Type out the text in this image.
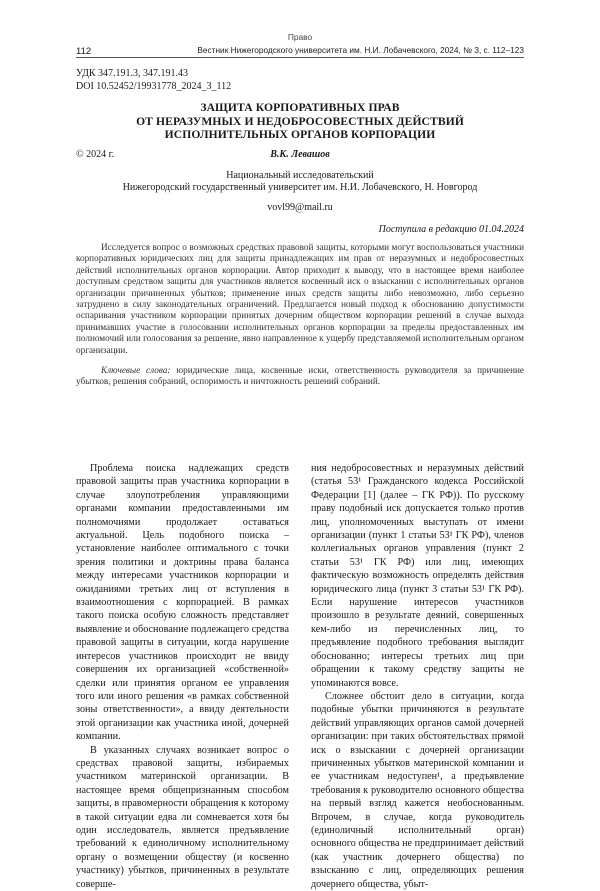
Право
112	Вестник Нижегородского университета им. Н.И. Лобачевского, 2024, № 3, с. 112–123
УДК 347.191.3, 347.191.43
DOI 10.52452/19931778_2024_3_112
ЗАЩИТА КОРПОРАТИВНЫХ ПРАВ
ОТ НЕРАЗУМНЫХ И НЕДОБРОСОВЕСТНЫХ ДЕЙСТВИЙ
ИСПОЛНИТЕЛЬНЫХ ОРГАНОВ КОРПОРАЦИИ
© 2024 г.	В.К. Левашов
Национальный исследовательский
Нижегородский государственный университет им. Н.И. Лобачевского, Н. Новгород
vovl99@mail.ru
Поступила в редакцию 01.04.2024

Исследуется вопрос о возможных средствах правовой защиты, которыми могут воспользоваться участники корпоративных юридических лиц для защиты принадлежащих им прав от неразумных и недобросовестных действий исполнительных органов корпорации. Автор приходит к выводу, что в настоящее время наиболее доступным средством защиты для участников является косвенный иск о взыскании с исполнительных органов организации причиненных убытков; применение иных средств защиты либо невозможно, либо серьезно затруднено в силу законодательных ограничений. Предлагается новый подход к обоснованию допустимости оспаривания участником корпорации принятых дочерним обществом корпорации решений в случае выхода принимавших участие в голосовании исполнительных органов корпорации за пределы предоставленных им полномочий или голосования за решение, явно направленное к ущербу представляемой исполнительным органом организации.

Ключевые слова: юридические лица, косвенные иски, ответственность руководителя за причинение убытков, решения собраний, оспоримость и ничтожность решений собраний.

Проблема поиска надлежащих средств правовой защиты прав участника корпорации в случае злоупотребления управляющими органами компании предоставленными им полномочиями продолжает оставаться актуальной. Цель подобного поиска – установление наиболее оптимального с точки зрения политики и доктрины права баланса между интересами участников корпорации и ожиданиями третьих лиц от вступления в взаимоотношения с корпорацией. В рамках такого поиска особую сложность представляет выявление и обоснование подлежащего средства правовой защиты в ситуации, когда нарушение интересов участников происходит не ввиду совершения их организацией «собственной» сделки или принятия органом ее управления того или иного решения «в рамках собственной зоны ответственности», а ввиду деятельности этой организации как участника иной, дочерней компании.

В указанных случаях возникает вопрос о средствах правовой защиты, избираемых участником материнской организации. В настоящее время общепризнанным способом защиты, в правомерности обращения к которому в такой ситуации едва ли сомневается хотя бы один исследователь, является предъявление требований к единоличному исполнительному органу о возмещении обществу (и косвенно участнику) убытков, причиненных в результате соверше-

ния недобросовестных и неразумных действий (статья 53¹ Гражданского кодекса Российской Федерации [1] (далее – ГК РФ)). По русскому праву подобный иск допускается только против лиц, уполномоченных выступать от имени организации (пункт 1 статьи 53¹ ГК РФ), членов коллегиальных органов управления (пункт 2 статьи 53¹ ГК РФ) или лиц, имеющих фактическую возможность определять действия юридического лица (пункт 3 статьи 53¹ ГК РФ). Если нарушение интересов участников произошло в результате деяний, совершенных кем-либо из перечисленных лиц, то предъявление подобного требования выглядит обоснованно; интересы третьих лиц при обращении к такому средству защиты не упоминаются вовсе.

Сложнее обстоит дело в ситуации, когда подобные убытки причиняются в результате действий управляющих органов самой дочерней организации: при таких обстоятельствах прямой иск о взыскании с дочерней организации причиненных убытков материнской компании и ее участникам недоступен¹, а предъявление требования к руководителю основного общества на первый взгляд кажется необоснованным. Впрочем, в случае, когда руководитель (единоличный исполнительный орган) основного общества не предпринимает действий (как участник дочернего общества) по взысканию с лиц, определяющих решения дочернего общества, убыт-
